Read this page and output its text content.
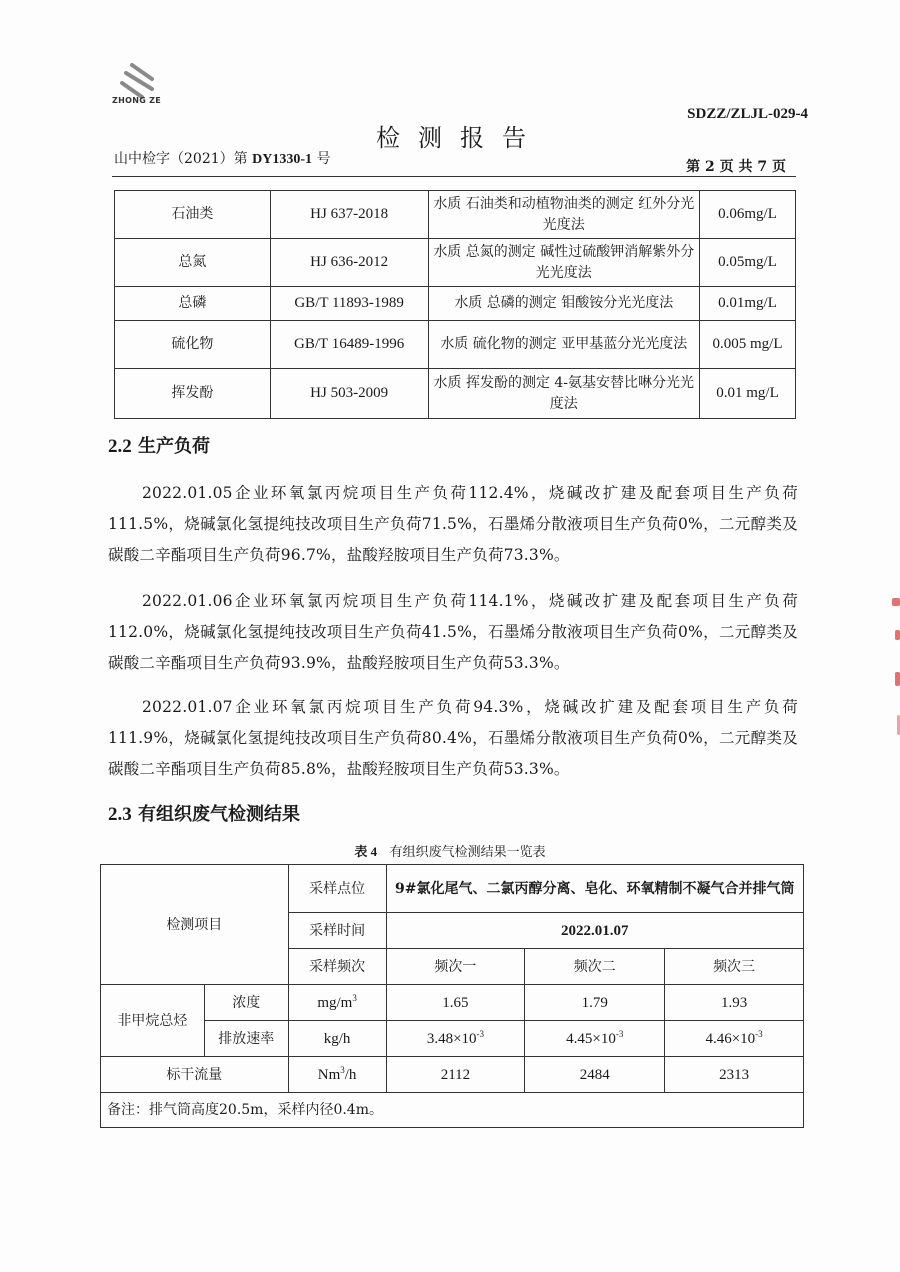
ZHONG ZE
SDZZ/ZLJL-029-4
检测报告
山中检字（2021）第 DY1330-1 号	第 2 页 共 7 页
石油类	HJ 637-2018	水质 石油类和动植物油类的测定 红外分光光度法	0.06mg/L
总氮	HJ 636-2012	水质 总氮的测定 碱性过硫酸钾消解紫外分光光度法	0.05mg/L
总磷	GB/T 11893-1989	水质 总磷的测定 钼酸铵分光光度法	0.01mg/L
硫化物	GB/T 16489-1996	水质 硫化物的测定 亚甲基蓝分光光度法	0.005 mg/L
挥发酚	HJ 503-2009	水质 挥发酚的测定 4-氨基安替比啉分光光度法	0.01 mg/L
2.2 生产负荷
2022.01.05企业环氧氯丙烷项目生产负荷112.4%，烧碱改扩建及配套项目生产负荷111.5%，烧碱氯化氢提纯技改项目生产负荷71.5%，石墨烯分散液项目生产负荷0%，二元醇类及碳酸二辛酯项目生产负荷96.7%，盐酸羟胺项目生产负荷73.3%。
2022.01.06企业环氧氯丙烷项目生产负荷114.1%，烧碱改扩建及配套项目生产负荷112.0%，烧碱氯化氢提纯技改项目生产负荷41.5%，石墨烯分散液项目生产负荷0%，二元醇类及碳酸二辛酯项目生产负荷93.9%，盐酸羟胺项目生产负荷53.3%。
2022.01.07企业环氧氯丙烷项目生产负荷94.3%，烧碱改扩建及配套项目生产负荷111.9%，烧碱氯化氢提纯技改项目生产负荷80.4%，石墨烯分散液项目生产负荷0%，二元醇类及碳酸二辛酯项目生产负荷85.8%，盐酸羟胺项目生产负荷53.3%。
2.3 有组织废气检测结果
表 4 有组织废气检测结果一览表
检测项目		采样点位	9#氯化尾气、二氯丙醇分离、皂化、环氧精制不凝气合并排气筒		
		采样时间	2022.01.07		
		采样频次	频次一	频次二	频次三
非甲烷总烃	浓度	$mg/m^3$	1.65	1.79	1.93
	排放速率	kg/h	$3.48\times 10^{-3}$	$4.45\times 10^{-3}$	$4.46\times 10^{-3}$
标干流量		Nm$^3$/h	2112	2484	2313
备注：排气筒高度20.5m，采样内径0.4m。					
